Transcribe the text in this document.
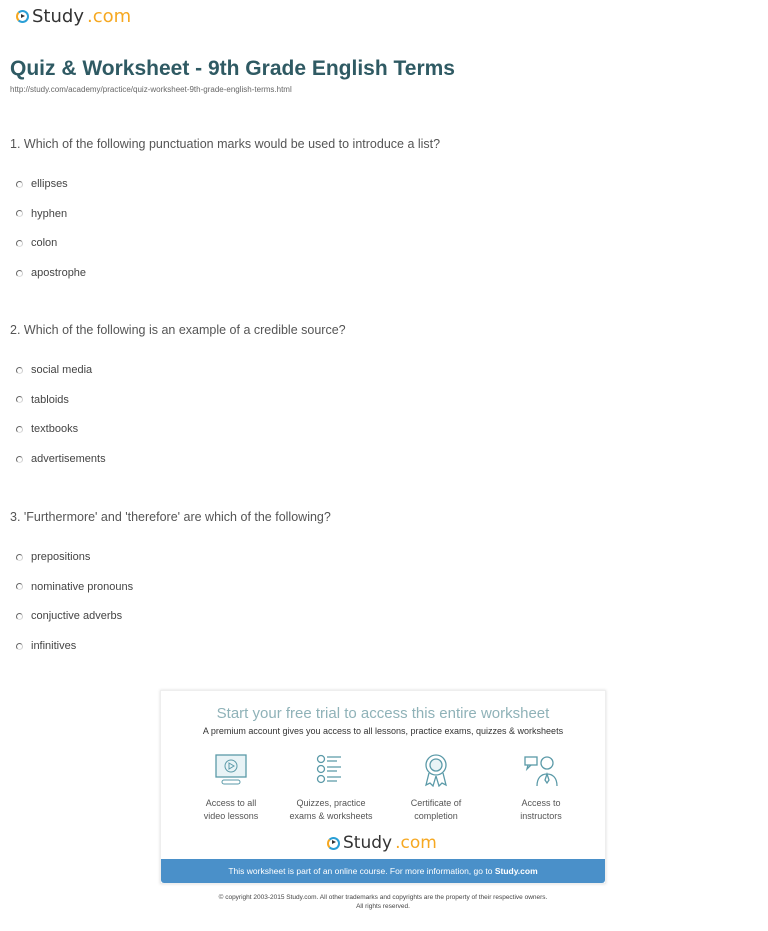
Study .com
Quiz & Worksheet - 9th Grade English Terms
http://study.com/academy/practice/quiz-worksheet-9th-grade-english-terms.html
1. Which of the following punctuation marks would be used to introduce a list?
ellipses
hyphen
colon
apostrophe
2. Which of the following is an example of a credible source?
social media
tabloids
textbooks
advertisements
3. 'Furthermore' and 'therefore' are which of the following?
prepositions
nominative pronouns
conjuctive adverbs
infinitives
Start your free trial to access this entire worksheet
A premium account gives you access to all lessons, practice exams, quizzes & worksheets
Access to all
video lessons
Quizzes, practice
exams & worksheets
Certificate of
completion
Access to
instructors
Study .com
This worksheet is part of an online course. For more information, go to Study.com
© copyright 2003-2015 Study.com. All other trademarks and copyrights are the property of their respective owners.
All rights reserved.
